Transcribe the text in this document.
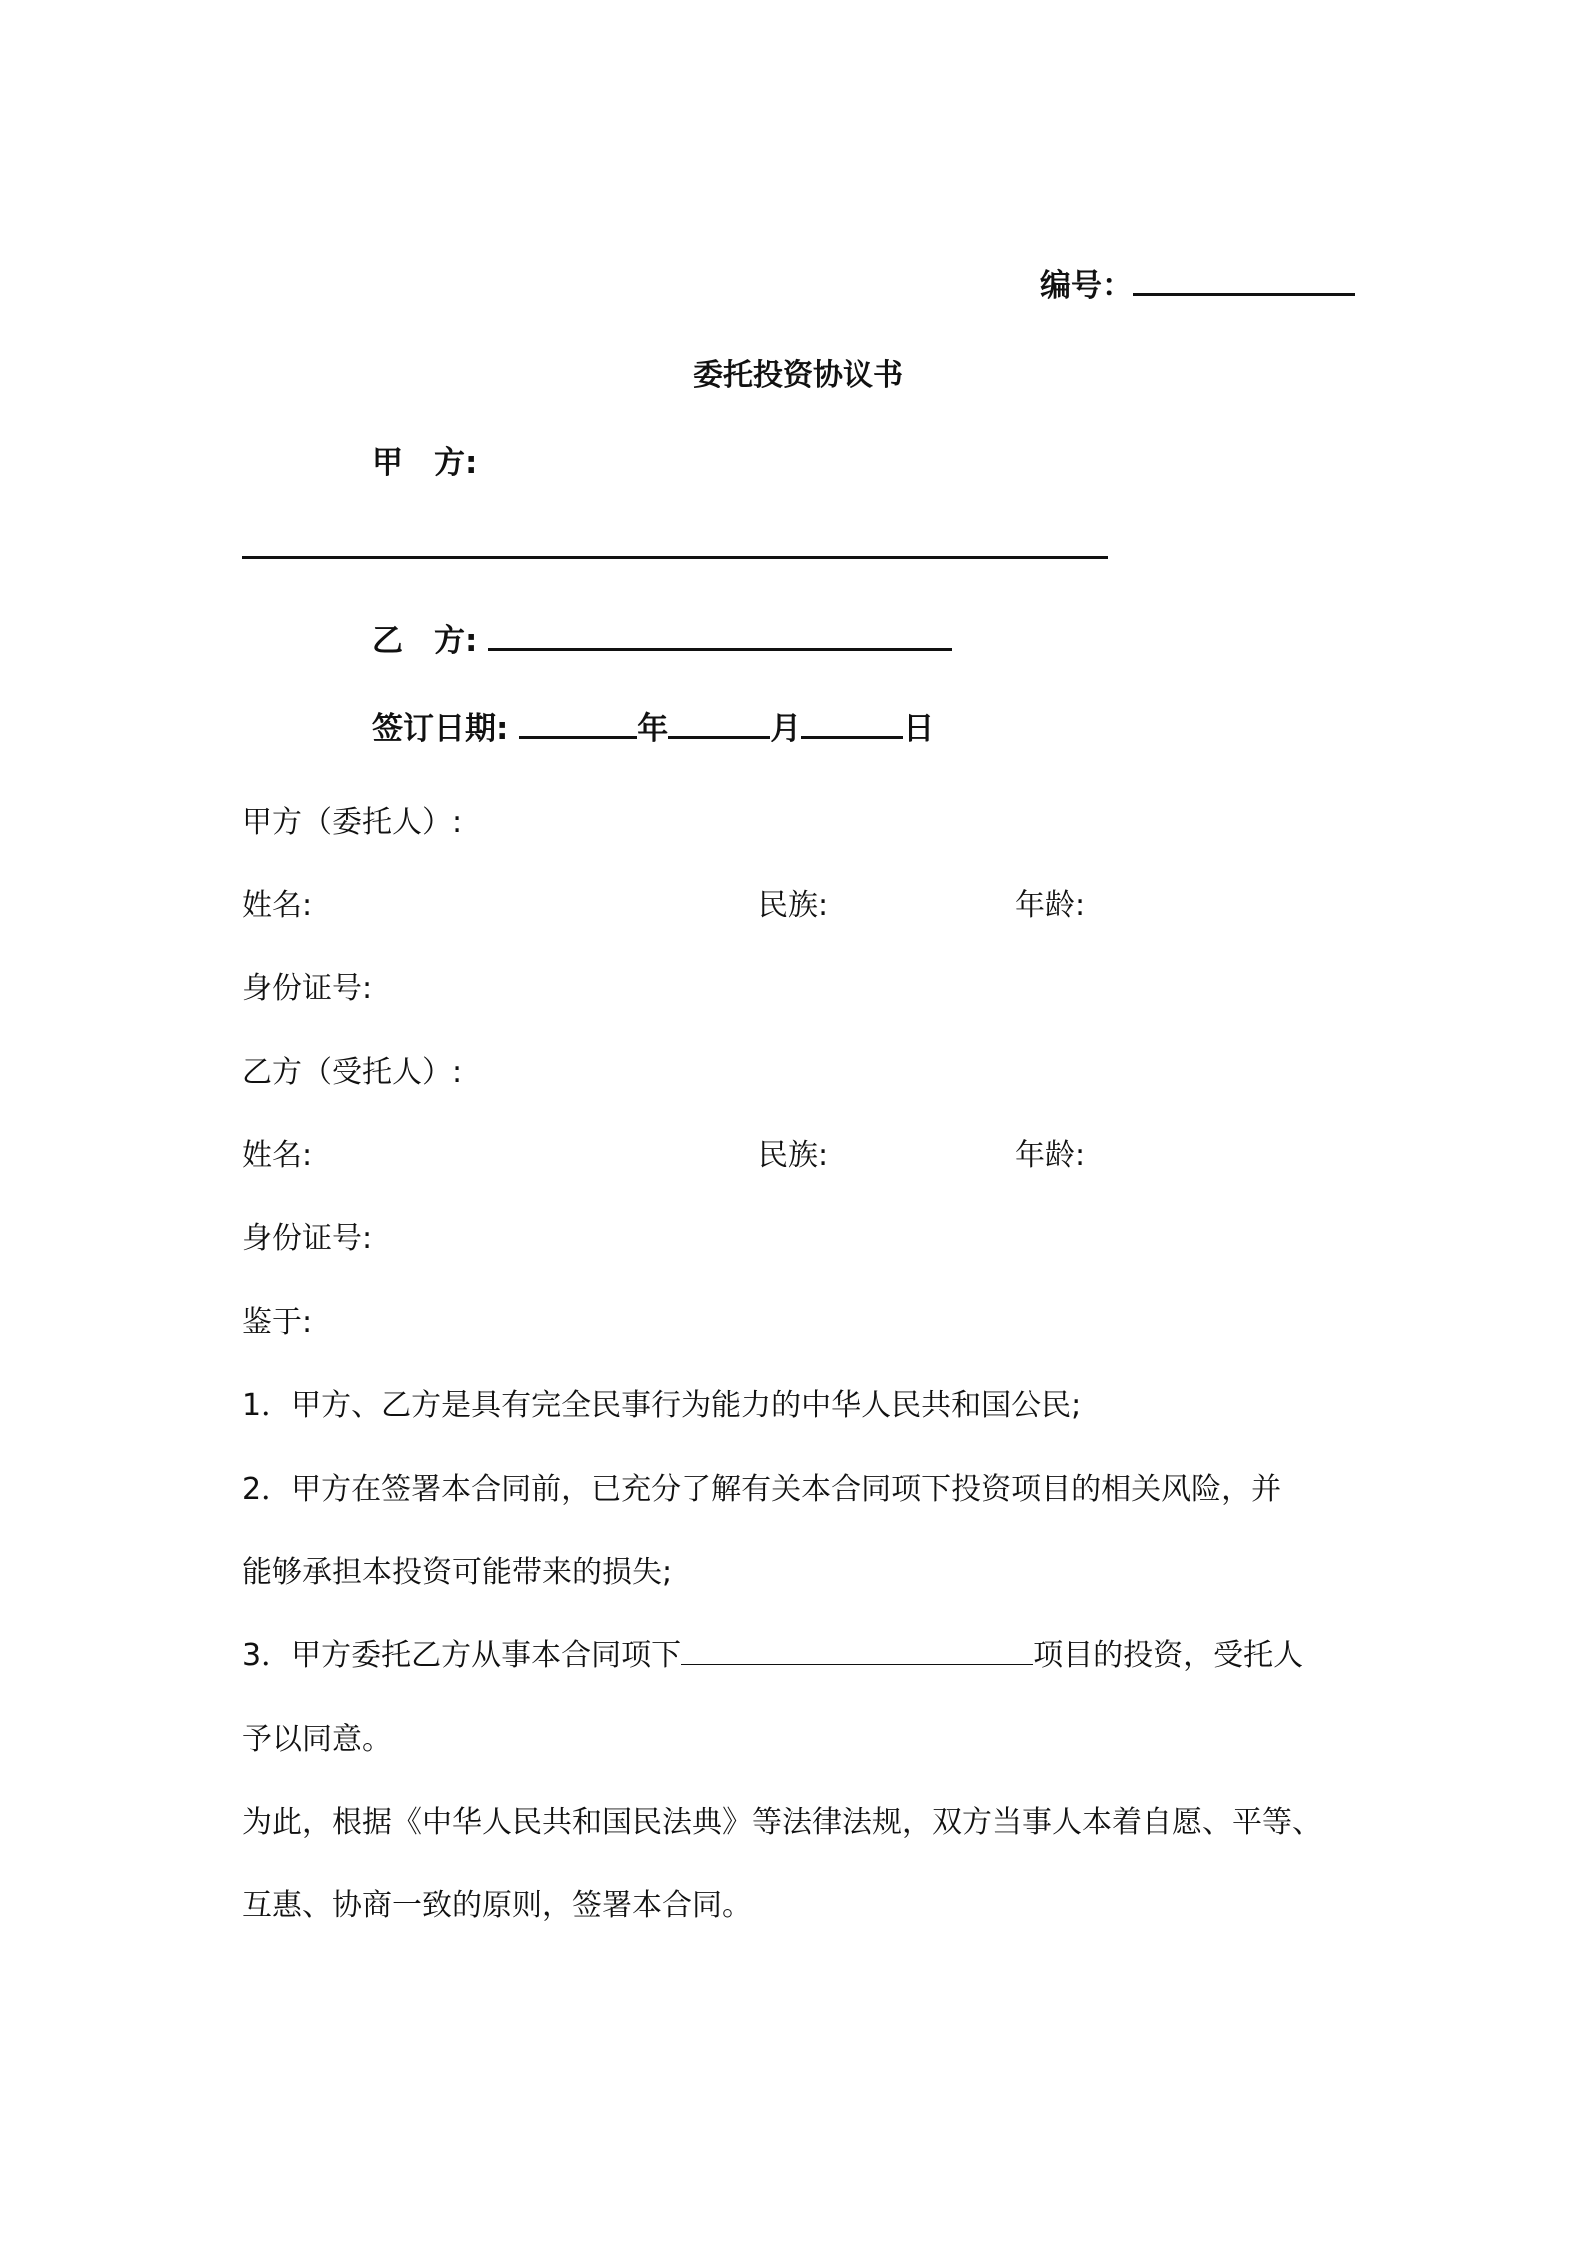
编号：
委托投资协议书
甲　方:
乙　方:
签订日期:	年	月	日
甲方（委托人）:
姓名:	民族:	年龄:
身份证号:
乙方（受托人）:
姓名:	民族:	年龄:
身份证号:
鉴于:
1．甲方、乙方是具有完全民事行为能力的中华人民共和国公民;
2．甲方在签署本合同前，已充分了解有关本合同项下投资项目的相关风险，并
能够承担本投资可能带来的损失;
3．甲方委托乙方从事本合同项下	项目的投资，受托人
予以同意。
为此，根据《中华人民共和国民法典》等法律法规，双方当事人本着自愿、平等、
互惠、协商一致的原则，签署本合同。
